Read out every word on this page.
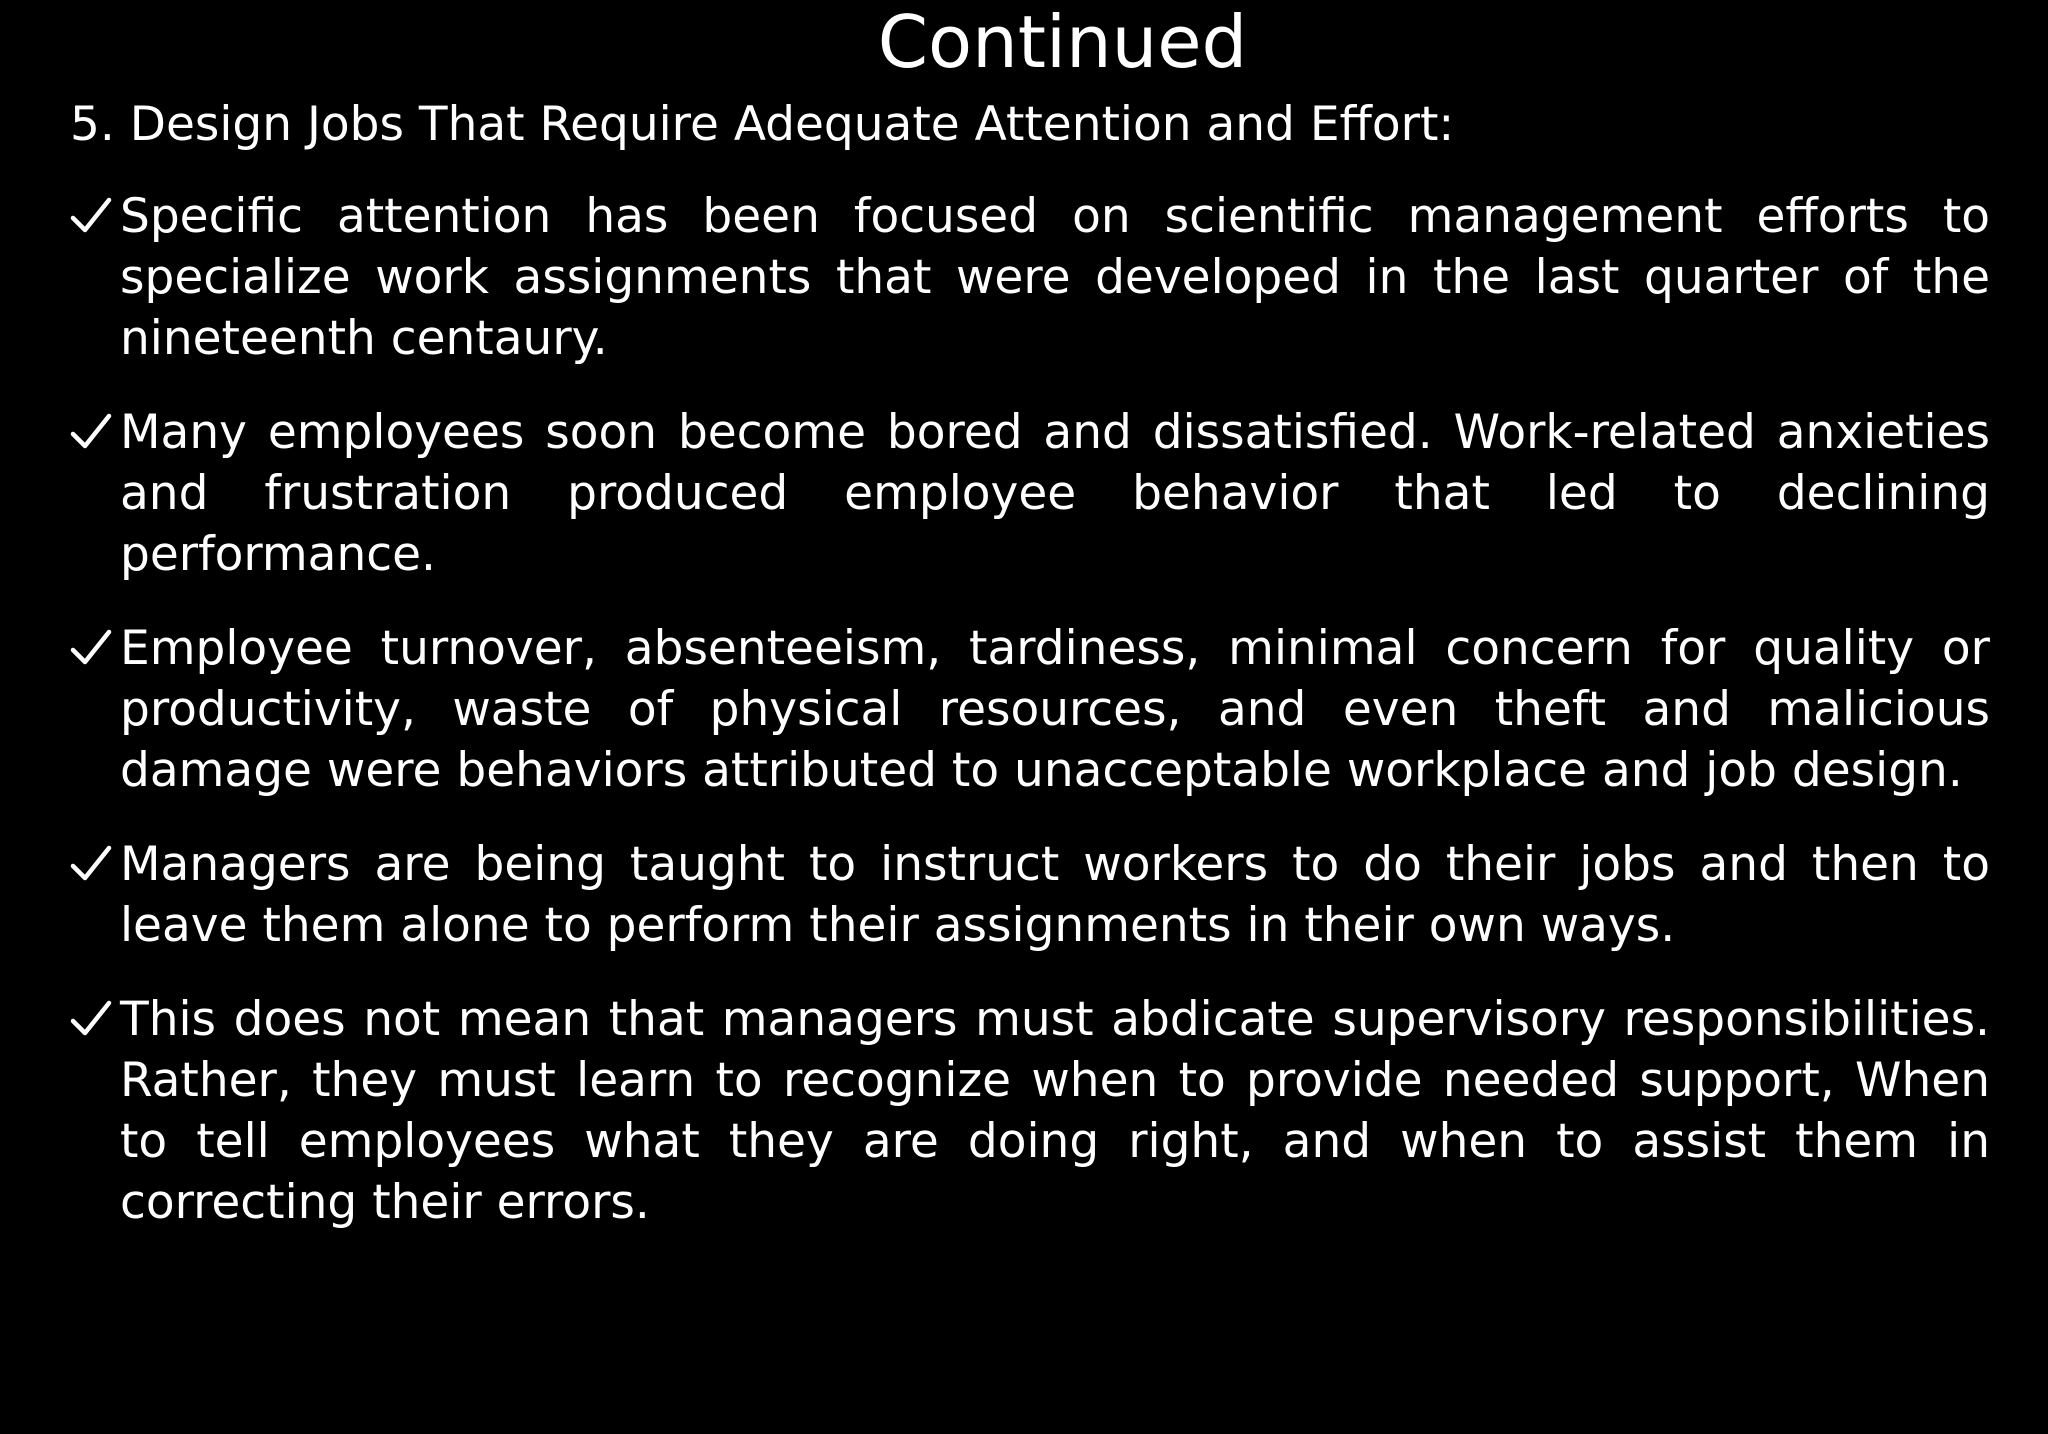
Continued
5. Design Jobs That Require Adequate Attention and Effort:
Specific attention has been focused on scientific management efforts to specialize work assignments that were developed in the last quarter of the nineteenth centaury.
Many employees soon become bored and dissatisfied. Work-related anxieties and frustration produced employee behavior that led to declining performance.
Employee turnover, absenteeism, tardiness, minimal concern for quality or productivity, waste of physical resources, and even theft and malicious damage were behaviors attributed to unacceptable workplace and job design.
Managers are being taught to instruct workers to do their jobs and then to leave them alone to perform their assignments in their own ways.
This does not mean that managers must abdicate supervisory responsibilities. Rather, they must learn to recognize when to provide needed support, When to tell employees what they are doing right, and when to assist them in correcting their errors.
